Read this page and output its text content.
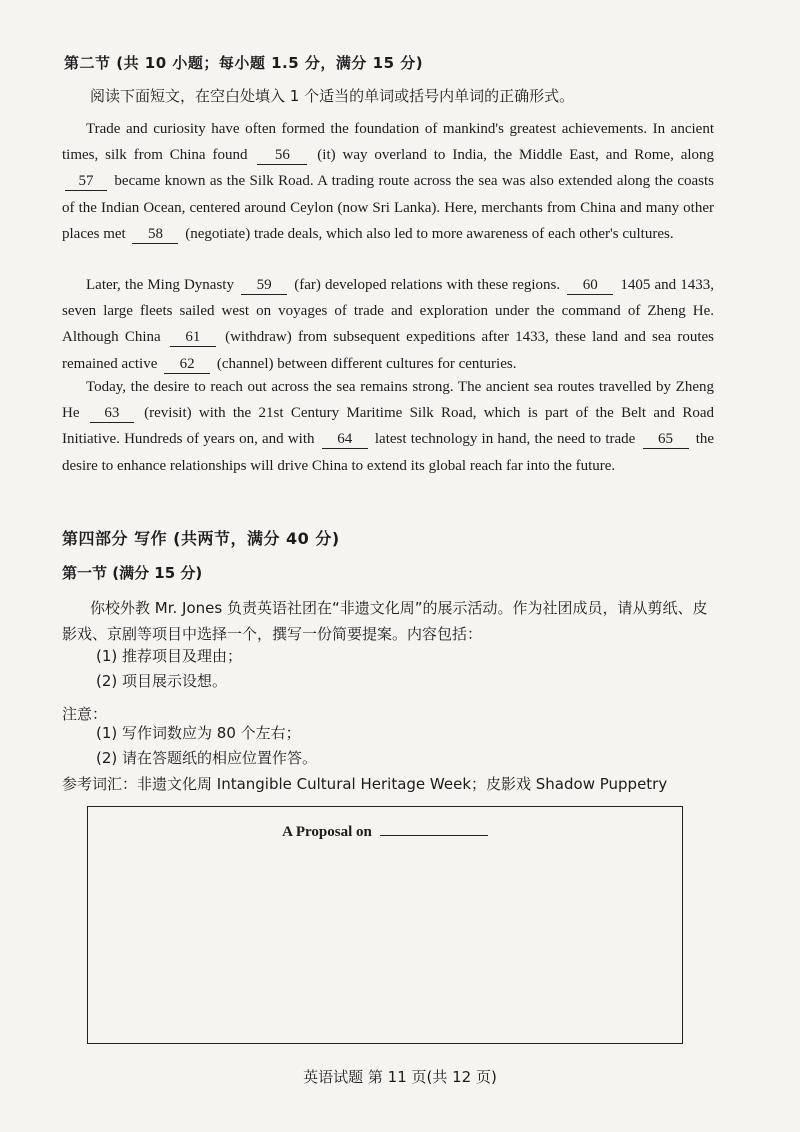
第二节 (共 10 小题；每小题 1.5 分，满分 15 分)
阅读下面短文，在空白处填入 1 个适当的单词或括号内单词的正确形式。
Trade and curiosity have often formed the foundation of mankind's greatest achievements. In ancient times, silk from China found 56 (it) way overland to India, the Middle East, and Rome, along 57 became known as the Silk Road. A trading route across the sea was also extended along the coasts of the Indian Ocean, centered around Ceylon (now Sri Lanka). Here, merchants from China and many other places met 58 (negotiate) trade deals, which also led to more awareness of each other's cultures.
Later, the Ming Dynasty 59 (far) developed relations with these regions. 60 1405 and 1433, seven large fleets sailed west on voyages of trade and exploration under the command of Zheng He. Although China 61 (withdraw) from subsequent expeditions after 1433, these land and sea routes remained active 62 (channel) between different cultures for centuries.
Today, the desire to reach out across the sea remains strong. The ancient sea routes travelled by Zheng He 63 (revisit) with the 21st Century Maritime Silk Road, which is part of the Belt and Road Initiative. Hundreds of years on, and with 64 latest technology in hand, the need to trade 65 the desire to enhance relationships will drive China to extend its global reach far into the future.
第四部分 写作 (共两节，满分 40 分)
第一节 (满分 15 分)
你校外教 Mr. Jones 负责英语社团在“非遗文化周”的展示活动。作为社团成员，请从剪纸、皮影戏、京剧等项目中选择一个，撰写一份简要提案。内容包括：
(1) 推荐项目及理由；
(2) 项目展示设想。
注意：
(1) 写作词数应为 80 个左右；
(2) 请在答题纸的相应位置作答。
参考词汇：非遗文化周 Intangible Cultural Heritage Week；皮影戏 Shadow Puppetry
A Proposal on
英语试题 第 11 页(共 12 页)
